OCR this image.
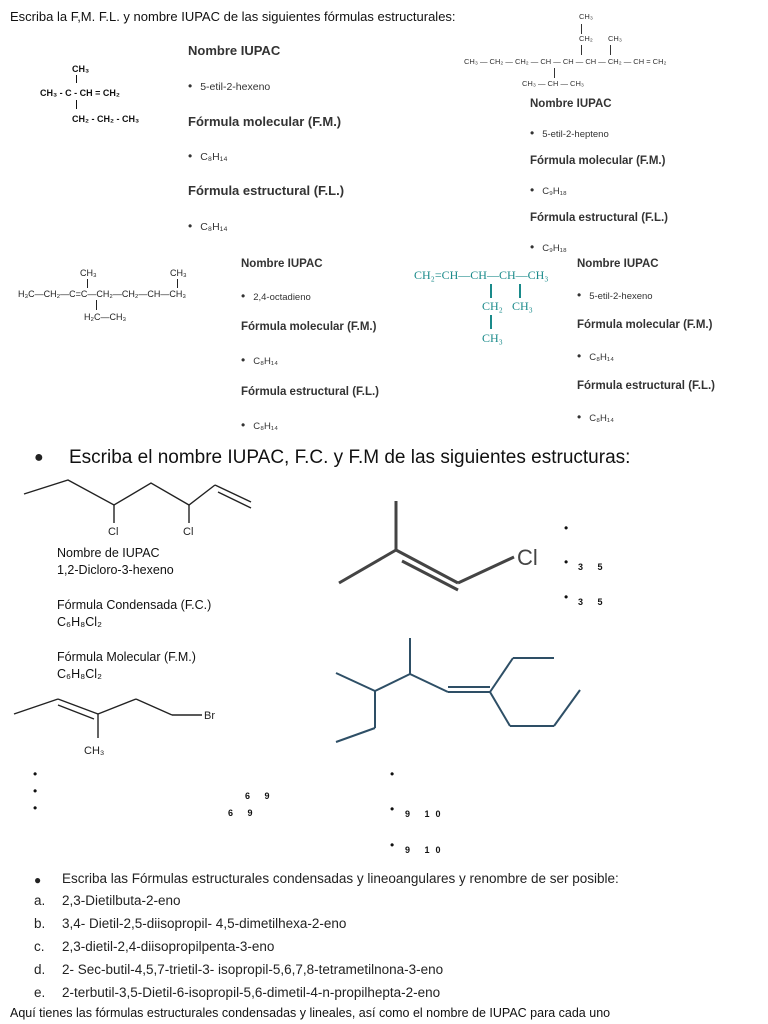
Escriba la F,M. F.L. y nombre IUPAC de las siguientes fórmulas estructurales:
CH₃
CH₃ - C - CH = CH₂
CH₂ - CH₂ - CH₃
Nombre IUPAC
• 5-etil-2-hexeno
Fórmula molecular (F.M.)
• C₈H₁₄
Fórmula estructural (F.L.)
• C₈H₁₄
CH₃
CH₂ CH₃
CH₃ — CH₂ — CH₂ — CH — CH — CH — CH₂ — CH = CH₂
CH₃ — CH — CH₃
Nombre IUPAC
• 5-etil-2-hepteno
Fórmula molecular (F.M.)
• C₉H₁₈
Fórmula estructural (F.L.)
• C₉H₁₈
CH₃	CH₃
H₃C—CH₂—C=C—CH₂—CH₂—CH—CH₃
H₂C—CH₃
Nombre IUPAC
• 2,4-octadieno
Fórmula molecular (F.M.)
• C₈H₁₄
Fórmula estructural (F.L.)
• C₈H₁₄
CH₂=CH—CH—CH—CH₃
CH₂ CH₃
CH₃
Nombre IUPAC
• 5-etil-2-hexeno
Fórmula molecular (F.M.)
• C₈H₁₄
Fórmula estructural (F.L.)
• C₈H₁₄
● Escriba el nombre IUPAC, F.C. y F.M de las siguientes estructuras:
Cl	Cl
Nombre de IUPAC
1,2-Dicloro-3-hexeno
Fórmula Condensada (F.C.)
C₆H₈Cl₂
Fórmula Molecular (F.M.)
C₆H₈Cl₂
Cl
•
• 3 5
• 3 5
Br
CH₃
•
•	6 9
•	6 9
•
• 9 10
• 9 10
● Escriba las Fórmulas estructurales condensadas y lineoangulares y renombre de ser posible:
a. 2,3-Dietilbuta-2-eno
b. 3,4- Dietil-2,5-diisopropil- 4,5-dimetilhexa-2-eno
c. 2,3-dietil-2,4-diisopropilpenta-3-eno
d. 2- Sec-butil-4,5,7-trietil-3- isopropil-5,6,7,8-tetrametilnona-3-eno
e. 2-terbutil-3,5-Dietil-6-isopropil-5,6-dimetil-4-n-propilhepta-2-eno
Aquí tienes las fórmulas estructurales condensadas y lineales, así como el nombre de IUPAC para cada uno
